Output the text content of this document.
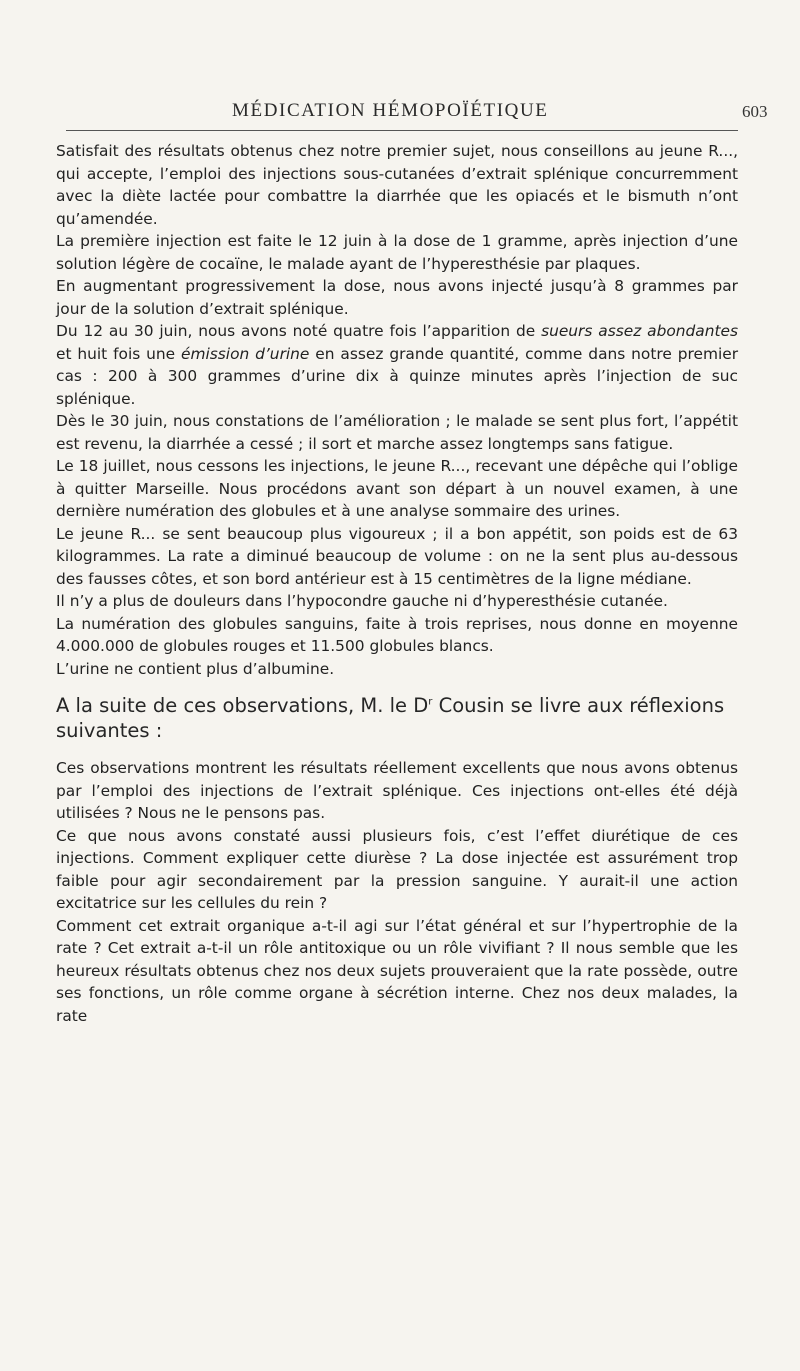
MÉDICATION HÉMOPOÏÉTIQUE	603

Satisfait des résultats obtenus chez notre premier sujet, nous conseillons au jeune R..., qui accepte, l’emploi des injections sous-cutanées d’extrait splénique concurremment avec la diète lactée pour combattre la diarrhée que les opiacés et le bismuth n’ont qu’amendée.

La première injection est faite le 12 juin à la dose de 1 gramme, après injection d’une solution légère de cocaïne, le malade ayant de l’hyperesthésie par plaques.

En augmentant progressivement la dose, nous avons injecté jusqu’à 8 grammes par jour de la solution d’extrait splénique.

Du 12 au 30 juin, nous avons noté quatre fois l’apparition de sueurs assez abondantes et huit fois une émission d’urine en assez grande quantité, comme dans notre premier cas : 200 à 300 grammes d’urine dix à quinze minutes après l’injection de suc splénique.

Dès le 30 juin, nous constations de l’amélioration ; le malade se sent plus fort, l’appétit est revenu, la diarrhée a cessé ; il sort et marche assez longtemps sans fatigue.

Le 18 juillet, nous cessons les injections, le jeune R..., recevant une dépêche qui l’oblige à quitter Marseille. Nous procédons avant son départ à un nouvel examen, à une dernière numération des globules et à une analyse sommaire des urines.

Le jeune R... se sent beaucoup plus vigoureux ; il a bon appétit, son poids est de 63 kilogrammes. La rate a diminué beaucoup de volume : on ne la sent plus au-dessous des fausses côtes, et son bord antérieur est à 15 centimètres de la ligne médiane.

Il n’y a plus de douleurs dans l’hypocondre gauche ni d’hyperesthésie cutanée.

La numération des globules sanguins, faite à trois reprises, nous donne en moyenne 4.000.000 de globules rouges et 11.500 globules blancs.

L’urine ne contient plus d’albumine.

A la suite de ces observations, M. le $D^r$ Cousin se livre aux réflexions suivantes :

Ces observations montrent les résultats réellement excellents que nous avons obtenus par l’emploi des injections de l’extrait splénique. Ces injections ont-elles été déjà utilisées ? Nous ne le pensons pas.

Ce que nous avons constaté aussi plusieurs fois, c’est l’effet diurétique de ces injections. Comment expliquer cette diurèse ? La dose injectée est assurément trop faible pour agir secondairement par la pression sanguine. Y aurait-il une action excitatrice sur les cellules du rein ?

Comment cet extrait organique a-t-il agi sur l’état général et sur l’hypertrophie de la rate ? Cet extrait a-t-il un rôle antitoxique ou un rôle vivifiant ? Il nous semble que les heureux résultats obtenus chez nos deux sujets prouveraient que la rate possède, outre ses fonctions, un rôle comme organe à sécrétion interne. Chez nos deux malades, la rate
